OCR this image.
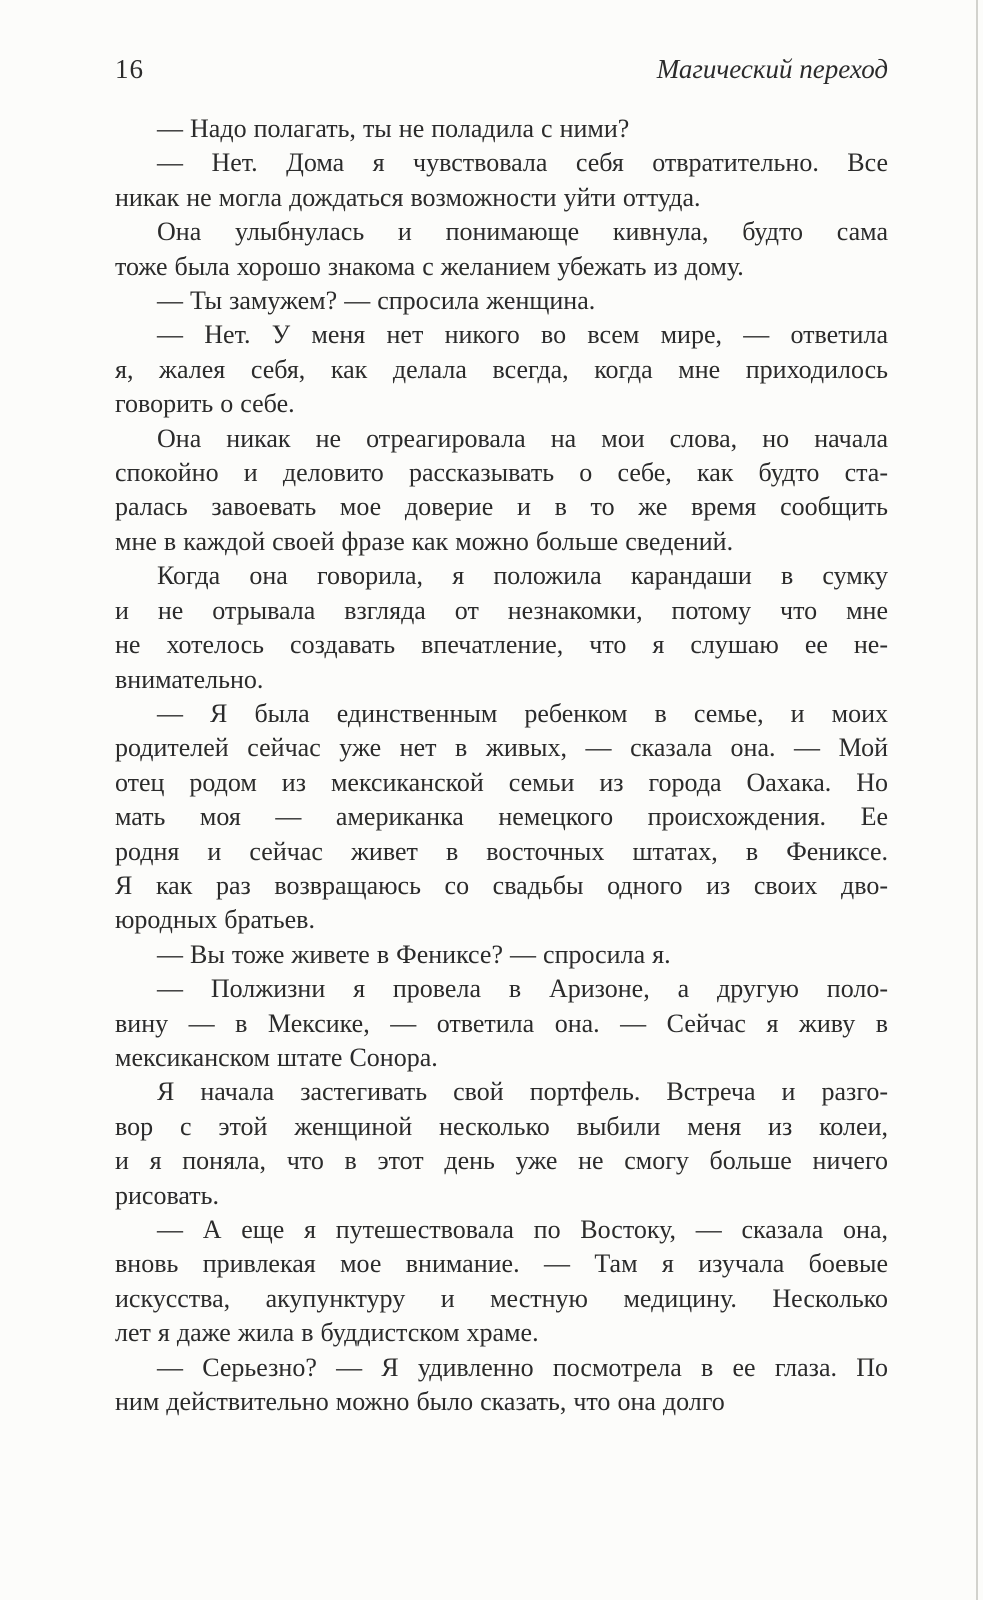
16	Магический переход

— Надо полагать, ты не поладила с ними?

— Нет. Дома я чувствовала себя отвратительно. Все
никак не могла дождаться возможности уйти оттуда.

Она улыбнулась и понимающе кивнула, будто сама
тоже была хорошо знакома с желанием убежать из дому.

— Ты замужем? — спросила женщина.

— Нет. У меня нет никого во всем мире, — ответила
я, жалея себя, как делала всегда, когда мне приходилось
говорить о себе.

Она никак не отреагировала на мои слова, но начала
спокойно и деловито рассказывать о себе, как будто ста-
ралась завоевать мое доверие и в то же время сообщить
мне в каждой своей фразе как можно больше сведений.

Когда она говорила, я положила карандаши в сумку
и не отрывала взгляда от незнакомки, потому что мне
не хотелось создавать впечатление, что я слушаю ее не-
внимательно.

— Я была единственным ребенком в семье, и моих
родителей сейчас уже нет в живых, — сказала она. — Мой
отец родом из мексиканской семьи из города Оахака. Но
мать моя — американка немецкого происхождения. Ее
родня и сейчас живет в восточных штатах, в Фениксе.
Я как раз возвращаюсь со свадьбы одного из своих дво-
юродных братьев.

— Вы тоже живете в Фениксе? — спросила я.

— Полжизни я провела в Аризоне, а другую поло-
вину — в Мексике, — ответила она. — Сейчас я живу в
мексиканском штате Сонора.

Я начала застегивать свой портфель. Встреча и разго-
вор с этой женщиной несколько выбили меня из колеи,
и я поняла, что в этот день уже не смогу больше ничего
рисовать.

— А еще я путешествовала по Востоку, — сказала она,
вновь привлекая мое внимание. — Там я изучала боевые
искусства, акупунктуру и местную медицину. Несколько
лет я даже жила в буддистском храме.

— Серьезно? — Я удивленно посмотрела в ее глаза. По
ним действительно можно было сказать, что она долго
